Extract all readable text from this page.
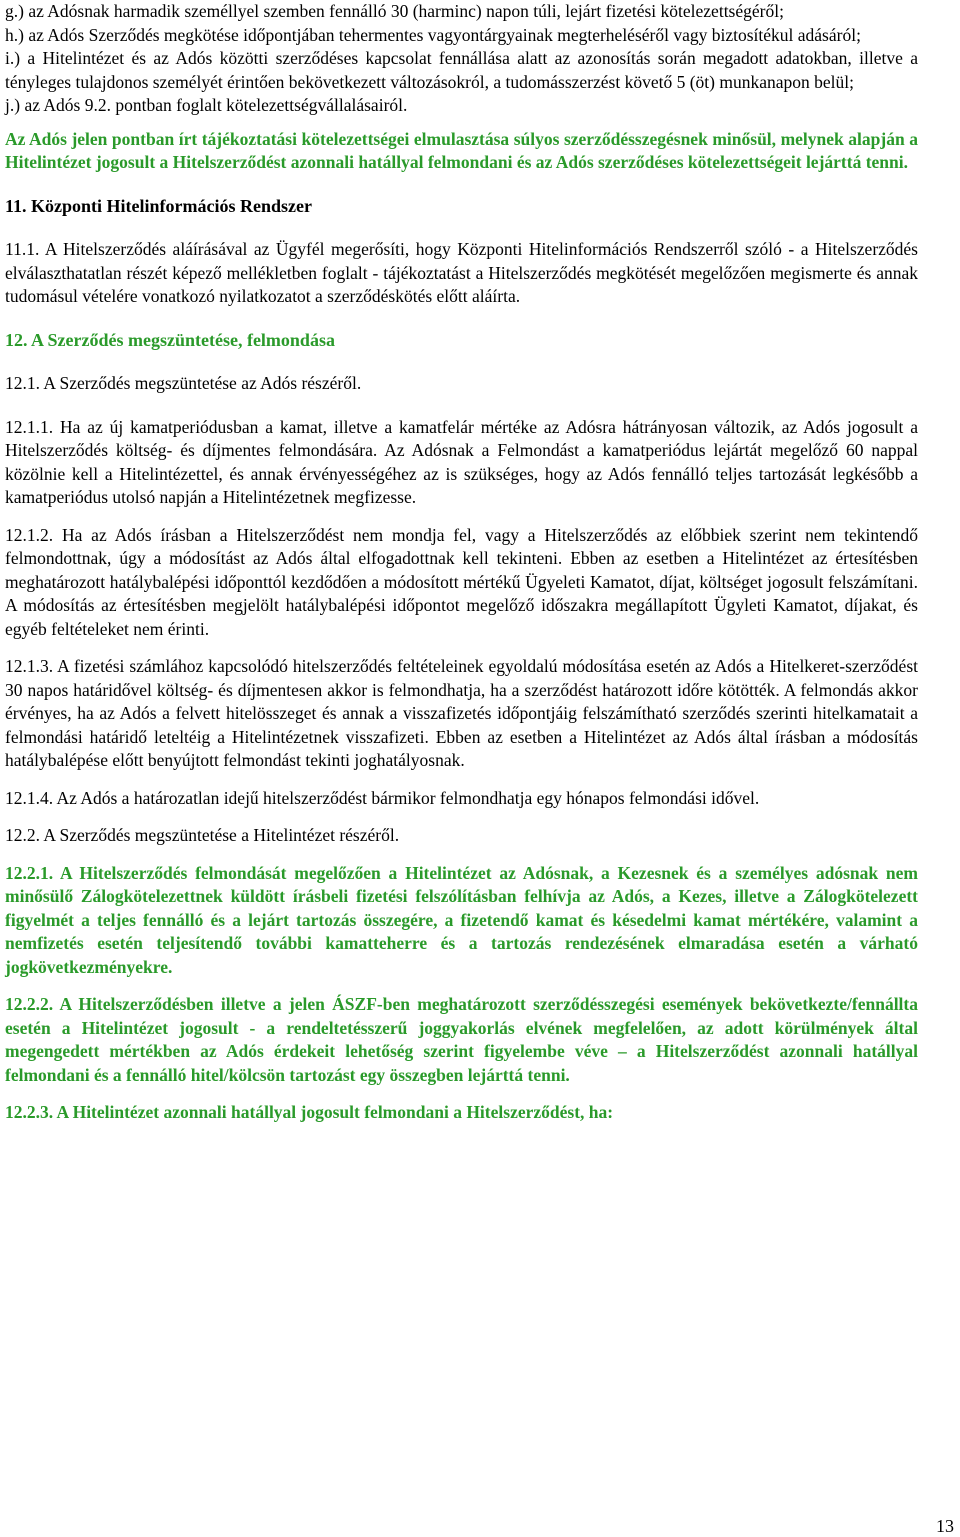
g.) az Adósnak harmadik személlyel szemben fennálló 30 (harminc) napon túli, lejárt fizetési kötelezettségéről;

h.) az Adós Szerződés megkötése időpontjában tehermentes vagyontárgyainak megterheléséről vagy biztosítékul adásáról;

i.) a Hitelintézet és az Adós közötti szerződéses kapcsolat fennállása alatt az azonosítás során megadott adatokban, illetve a tényleges tulajdonos személyét érintően bekövetkezett változásokról, a tudomásszerzést követő 5 (öt) munkanapon belül;

j.) az Adós 9.2. pontban foglalt kötelezettségvállalásairól.

Az Adós jelen pontban írt tájékoztatási kötelezettségei elmulasztása súlyos szerződésszegésnek minősül, melynek alapján a Hitelintézet jogosult a Hitelszerződést azonnali hatállyal felmondani és az Adós szerződéses kötelezettségeit lejárttá tenni.

11. Központi Hitelinformációs Rendszer

11.1. A Hitelszerződés aláírásával az Ügyfél megerősíti, hogy Központi Hitelinformációs Rendszerről szóló - a Hitelszerződés elválaszthatatlan részét képező mellékletben foglalt - tájékoztatást a Hitelszerződés megkötését megelőzően megismerte és annak tudomásul vételére vonatkozó nyilatkozatot a szerződéskötés előtt aláírta.

12. A Szerződés megszüntetése, felmondása

12.1. A Szerződés megszüntetése az Adós részéről.

12.1.1. Ha az új kamatperiódusban a kamat, illetve a kamatfelár mértéke az Adósra hátrányosan változik, az Adós jogosult a Hitelszerződés költség- és díjmentes felmondására. Az Adósnak a Felmondást a kamatperiódus lejártát megelőző 60 nappal közölnie kell a Hitelintézettel, és annak érvényességéhez az is szükséges, hogy az Adós fennálló teljes tartozását legkésőbb a kamatperiódus utolsó napján a Hitelintézetnek megfizesse.

12.1.2. Ha az Adós írásban a Hitelszerződést nem mondja fel, vagy a Hitelszerződés az előbbiek szerint nem tekintendő felmondottnak, úgy a módosítást az Adós által elfogadottnak kell tekinteni. Ebben az esetben a Hitelintézet az értesítésben meghatározott hatálybalépési időponttól kezdődően a módosított mértékű Ügyeleti Kamatot, díjat, költséget jogosult felszámítani. A módosítás az értesítésben megjelölt hatálybalépési időpontot megelőző időszakra megállapított Ügyleti Kamatot, díjakat, és egyéb feltételeket nem érinti.

12.1.3. A fizetési számlához kapcsolódó hitelszerződés feltételeinek egyoldalú módosítása esetén az Adós a Hitelkeret-szerződést 30 napos határidővel költség- és díjmentesen akkor is felmondhatja, ha a szerződést határozott időre kötötték. A felmondás akkor érvényes, ha az Adós a felvett hitelösszeget és annak a visszafizetés időpontjáig felszámítható szerződés szerinti hitelkamatait a felmondási határidő leteltéig a Hitelintézetnek visszafizeti. Ebben az esetben a Hitelintézet az Adós által írásban a módosítás hatálybalépése előtt benyújtott felmondást tekinti joghatályosnak.

12.1.4. Az Adós a határozatlan idejű hitelszerződést bármikor felmondhatja egy hónapos felmondási idővel.

12.2. A Szerződés megszüntetése a Hitelintézet részéről.

12.2.1. A Hitelszerződés felmondását megelőzően a Hitelintézet az Adósnak, a Kezesnek és a személyes adósnak nem minősülő Zálogkötelezettnek küldött írásbeli fizetési felszólításban felhívja az Adós, a Kezes, illetve a Zálogkötelezett figyelmét a teljes fennálló és a lejárt tartozás összegére, a fizetendő kamat és késedelmi kamat mértékére, valamint a nemfizetés esetén teljesítendő további kamatteherre és a tartozás rendezésének elmaradása esetén a várható jogkövetkezményekre.

12.2.2. A Hitelszerződésben illetve a jelen ÁSZF-ben meghatározott szerződésszegési események bekövetkezte/fennállta esetén a Hitelintézet jogosult - a rendeltetésszerű joggyakorlás elvének megfelelően, az adott körülmények által megengedett mértékben az Adós érdekeit lehetőség szerint figyelembe véve – a Hitelszerződést azonnali hatállyal felmondani és a fennálló hitel/kölcsön tartozást egy összegben lejárttá tenni.

12.2.3. A Hitelintézet azonnali hatállyal jogosult felmondani a Hitelszerződést, ha:

13
